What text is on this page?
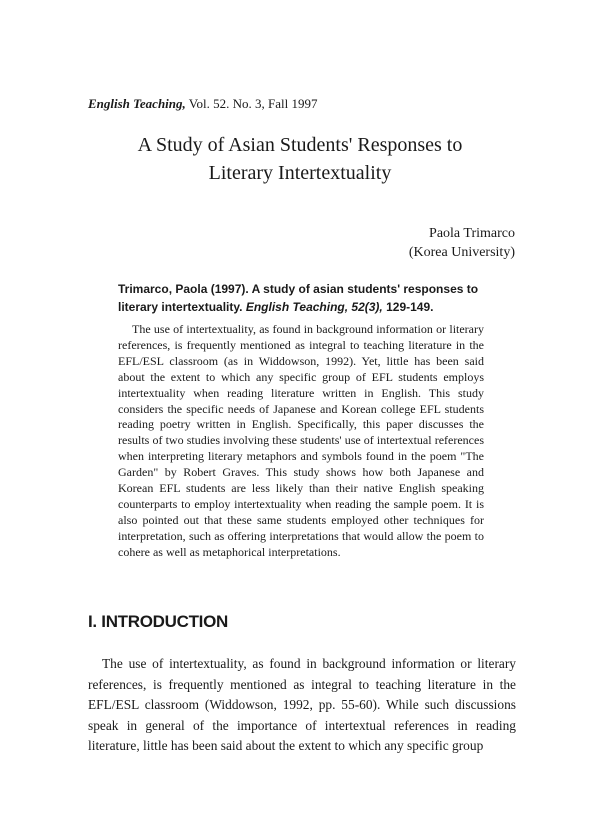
English Teaching, Vol. 52. No. 3, Fall 1997
A Study of Asian Students' Responses to
Literary Intertextuality
Paola Trimarco
(Korea University)
Trimarco, Paola (1997). A study of asian students' responses to literary intertextuality. English Teaching, 52(3), 129-149.

The use of intertextuality, as found in background information or literary references, is frequently mentioned as integral to teaching literature in the EFL/ESL classroom (as in Widdowson, 1992). Yet, little has been said about the extent to which any specific group of EFL students employs intertextuality when reading literature written in English. This study considers the specific needs of Japanese and Korean college EFL students reading poetry written in English. Specifically, this paper discusses the results of two studies involving these students' use of intertextual references when interpreting literary metaphors and symbols found in the poem "The Garden" by Robert Graves. This study shows how both Japanese and Korean EFL students are less likely than their native English speaking counterparts to employ intertextuality when reading the sample poem. It is also pointed out that these same students employed other techniques for interpretation, such as offering interpretations that would allow the poem to cohere as well as metaphorical interpretations.

I. INTRODUCTION

The use of intertextuality, as found in background information or literary references, is frequently mentioned as integral to teaching literature in the EFL/ESL classroom (Widdowson, 1992, pp. 55-60). While such discussions speak in general of the importance of intertextual references in reading literature, little has been said about the extent to which any specific group
